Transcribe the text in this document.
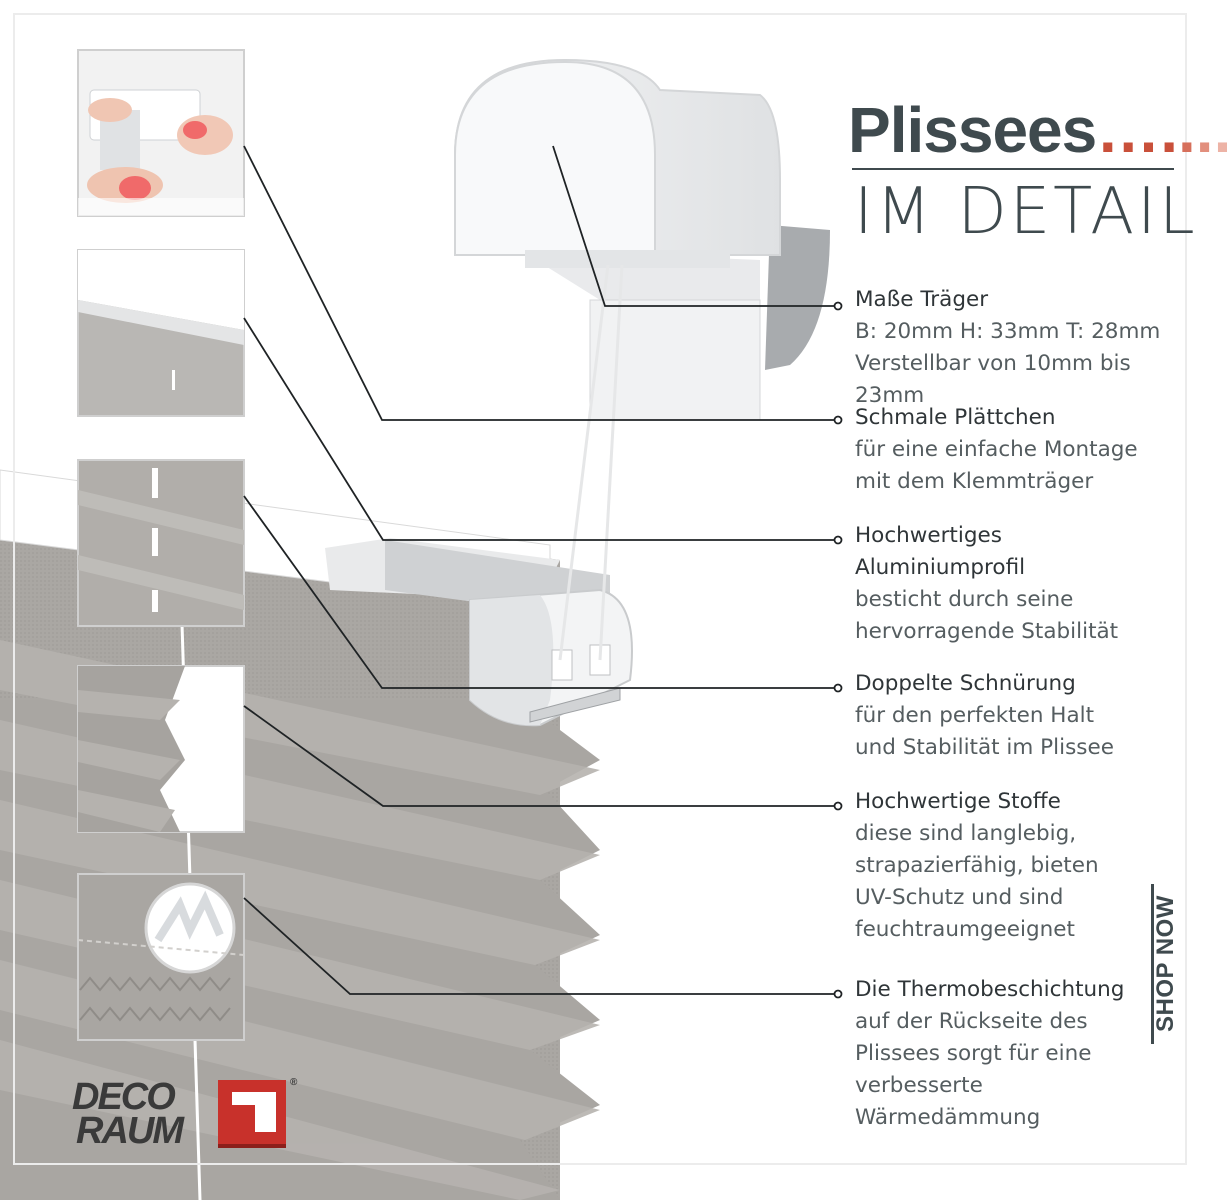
Plissees…....
IM DETAIL
Maße Träger
B: 20mm H: 33mm T: 28mm
Verstellbar von 10mm bis 23mm
Schmale Plättchen
für eine einfache Montage
mit dem Klemmträger
Hochwertiges
Aluminiumprofil
besticht durch seine
hervorragende Stabilität
Doppelte Schnürung
für den perfekten Halt
und Stabilität im Plissee
Hochwertige Stoffe
diese sind langlebig,
strapazierfähig, bieten
UV-Schutz und sind
feuchtraumgeeignet
Die Thermobeschichtung
auf der Rückseite des
Plissees sorgt für eine
verbesserte
Wärmedämmung
SHOP NOW
DECO
RAUM
®
